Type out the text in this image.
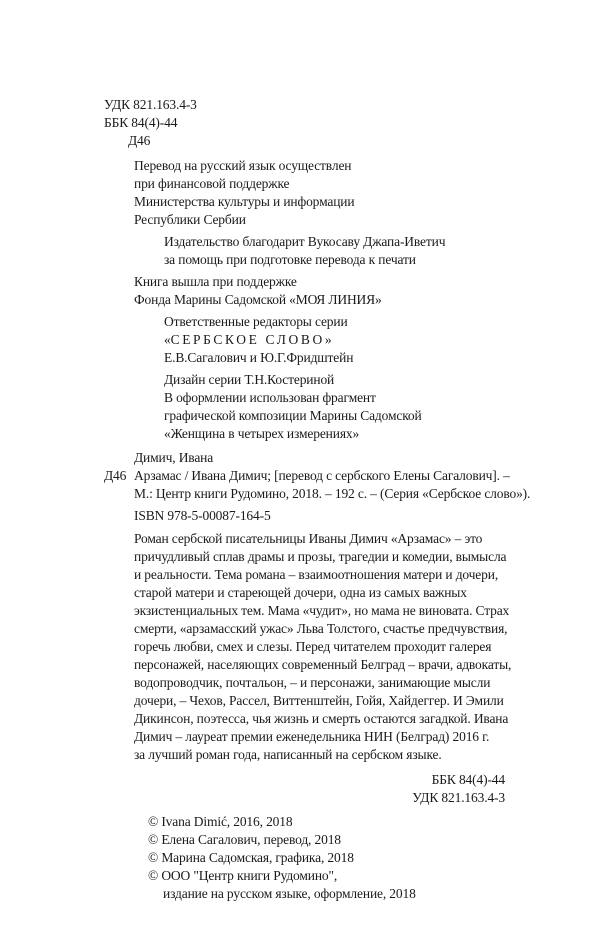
УДК 821.163.4-3
ББК 84(4)-44
Д46
Перевод на русский язык осуществлен
при финансовой поддержке
Министерства культуры и информации
Республики Сербии
Издательство благодарит Вукосаву Джапа-Иветич
за помощь при подготовке перевода к печати
Книга вышла при поддержке
Фонда Марины Садомской «МОЯ ЛИНИЯ»
Ответственные редакторы серии
«СЕРБСКОЕ СЛОВО»
Е.В.Сагалович и Ю.Г.Фридштейн
Дизайн серии Т.Н.Костериной
В оформлении использован фрагмент
графической композиции Марины Садомской
«Женщина в четырех измерениях»
Димич, Ивана
Д46 Арзамас / Ивана Димич; [перевод с сербского Елены Сагалович]. –
М.: Центр книги Рудомино, 2018. – 192 с. – (Серия «Сербское слово»).
ISBN 978-5-00087-164-5
Роман сербской писательницы Иваны Димич «Арзамас» – это
причудливый сплав драмы и прозы, трагедии и комедии, вымысла
и реальности. Тема романа – взаимоотношения матери и дочери,
старой матери и стареющей дочери, одна из самых важных
экзистенциальных тем. Мама «чудит», но мама не виновата. Страх
смерти, «арзамасский ужас» Льва Толстого, счастье предчувствия,
горечь любви, смех и слезы. Перед читателем проходит галерея
персонажей, населяющих современный Белград – врачи, адвокаты,
водопроводчик, почтальон, – и персонажи, занимающие мысли
дочери, – Чехов, Рассел, Виттенштейн, Гойя, Хайдеггер. И Эмили
Дикинсон, поэтесса, чья жизнь и смерть остаются загадкой. Ивана
Димич – лауреат премии еженедельника НИН (Белград) 2016 г.
за лучший роман года, написанный на сербском языке.
ББК 84(4)-44
УДК 821.163.4-3
© Ivana Dimić, 2016, 2018
© Елена Сагалович, перевод, 2018
© Марина Садомская, графика, 2018
© ООО "Центр книги Рудомино",
издание на русском языке, оформление, 2018
